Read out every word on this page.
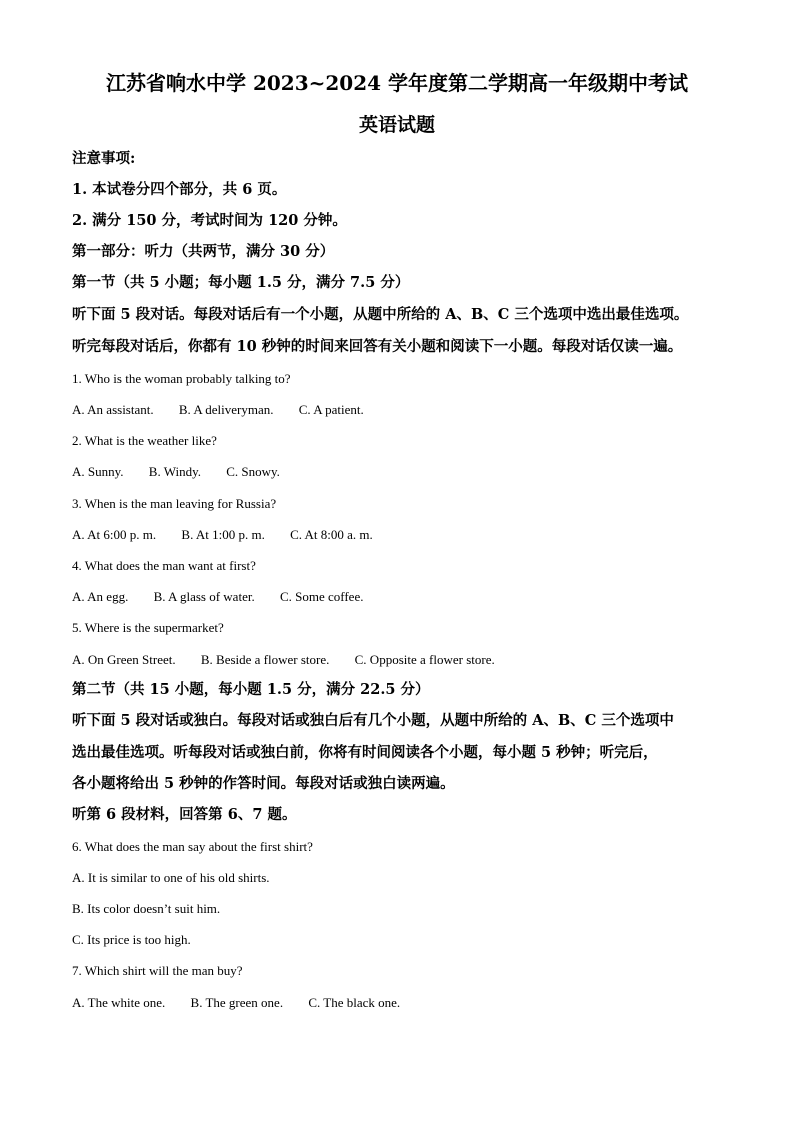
江苏省响水中学 2023~2024 学年度第二学期高一年级期中考试
英语试题
注意事项:
1. 本试卷分四个部分，共 6 页。
2. 满分 150 分，考试时间为 120 分钟。
第一部分：听力（共两节，满分 30 分）
第一节（共 5 小题；每小题 1.5 分，满分 7.5 分）
听下面 5 段对话。每段对话后有一个小题，从题中所给的 A、B、C 三个选项中选出最佳选项。
听完每段对话后，你都有 10 秒钟的时间来回答有关小题和阅读下一小题。每段对话仅读一遍。
1. Who is the woman probably talking to?
A. An assistant. B. A deliveryman. C. A patient.
2. What is the weather like?
A. Sunny. B. Windy. C. Snowy.
3. When is the man leaving for Russia?
A. At 6:00 p. m. B. At 1:00 p. m. C. At 8:00 a. m.
4. What does the man want at first?
A. An egg. B. A glass of water. C. Some coffee.
5. Where is the supermarket?
A. On Green Street. B. Beside a flower store. C. Opposite a flower store.
第二节（共 15 小题，每小题 1.5 分，满分 22.5 分）
听下面 5 段对话或独白。每段对话或独白后有几个小题，从题中所给的 A、B、C 三个选项中
选出最佳选项。听每段对话或独白前，你将有时间阅读各个小题，每小题 5 秒钟；听完后，
各小题将给出 5 秒钟的作答时间。每段对话或独白读两遍。
听第 6 段材料，回答第 6、7 题。
6. What does the man say about the first shirt?
A. It is similar to one of his old shirts.
B. Its color doesn’t suit him.
C. Its price is too high.
7. Which shirt will the man buy?
A. The white one. B. The green one. C. The black one.
